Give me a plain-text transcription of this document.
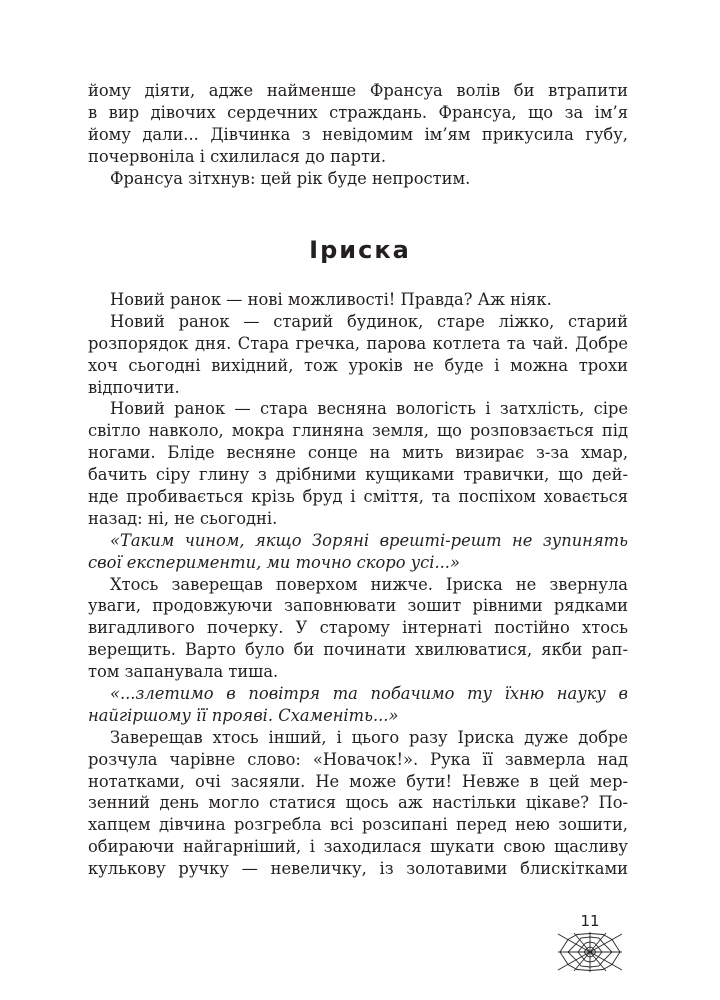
йому діяти, адже найменше Франсуа волів би втрапити
в вир дівочих сердечних страждань. Франсуа, що за ім’я
йому дали... Дівчинка з невідомим ім’ям прикусила губу,
почервоніла і схилилася до парти.
Франсуа зітхнув: цей рік буде непростим.
Іриска
Новий ранок — нові можливості! Правда? Аж ніяк.
Новий ранок — старий будинок, старе ліжко, старий
розпорядок дня. Стара гречка, парова котлета та чай. Добре
хоч сьогодні вихідний, тож уроків не буде і можна трохи
відпочити.
Новий ранок — стара весняна вологість і затхлість, сіре
світло навколо, мокра глиняна земля, що розповзається під
ногами. Бліде весняне сонце на мить визирає з-за хмар,
бачить сіру глину з дрібними кущиками травички, що дей-
нде пробивається крізь бруд і сміття, та поспіхом ховається
назад: ні, не сьогодні.
«Таким чином, якщо Зоряні врешті-решт не зупинять
свої експерименти, ми точно скоро усі...»
Хтось заверещав поверхом нижче. Іриска не звернула
уваги, продовжуючи заповнювати зошит рівними рядками
вигадливого почерку. У старому інтернаті постійно хтось
верещить. Варто було би починати хвилюватися, якби рап-
том запанувала тиша.
«...злетимо в повітря та побачимо ту їхню науку в
найгіршому її прояві. Схаменіть...»
Заверещав хтось інший, і цього разу Іриска дуже добре
розчула чарівне слово: «Новачок!». Рука її завмерла над
нотатками, очі засяяли. Не може бути! Невже в цей мер-
зенний день могло статися щось аж настільки цікаве? По-
хапцем дівчина розгребла всі розсипані перед нею зошити,
обираючи найгарніший, і заходилася шукати свою щасливу
кулькову ручку — невеличку, із золотавими блискітками
11
